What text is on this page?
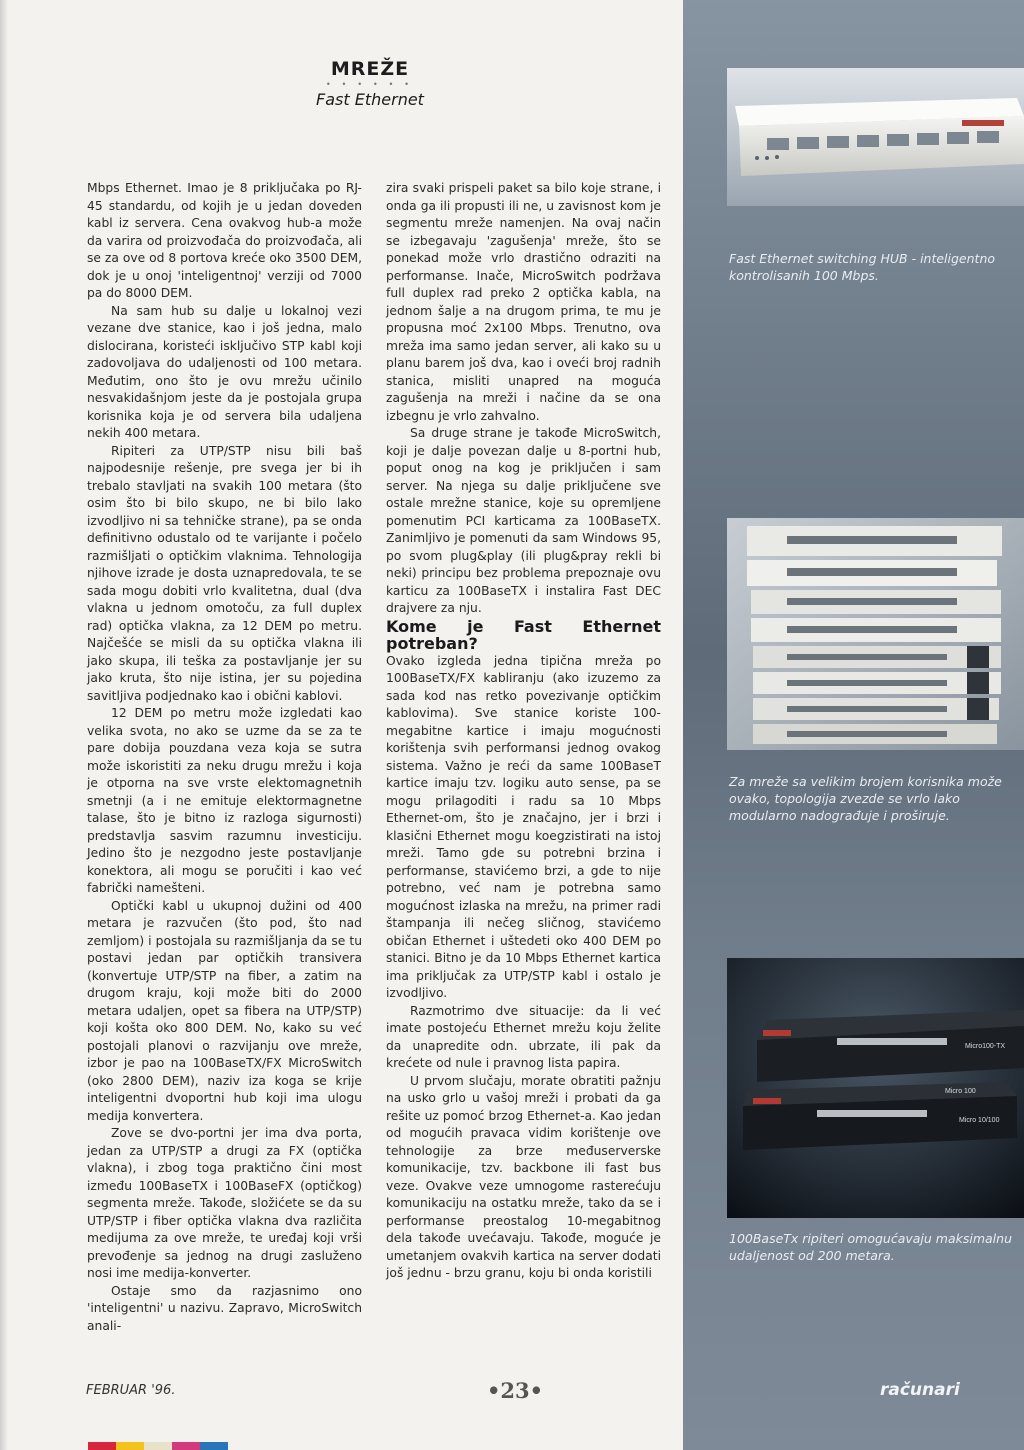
MREŽE
• • • • • •
Fast Ethernet

Mbps Ethernet. Imao je 8 priključaka po RJ-45 standardu, od kojih je u jedan doveden kabl iz servera. Cena ovakvog hub-a može da varira od proizvođača do proizvođača, ali se za ove od 8 portova kreće oko 3500 DEM, dok je u onoj 'inteligentnoj' verziji od 7000 pa do 8000 DEM.

Na sam hub su dalje u lokalnoj vezi vezane dve stanice, kao i još jedna, malo dislocirana, koristeći isključivo STP kabl koji zadovoljava do udaljenosti od 100 metara. Međutim, ono što je ovu mrežu učinilo nesvakidašnjom jeste da je postojala grupa korisnika koja je od servera bila udaljena nekih 400 metara.

Ripiteri za UTP/STP nisu bili baš najpodesnije rešenje, pre svega jer bi ih trebalo stavljati na svakih 100 metara (što osim što bi bilo skupo, ne bi bilo lako izvodljivo ni sa tehničke strane), pa se onda definitivno odustalo od te varijante i počelo razmišljati o optičkim vlaknima. Tehnologija njihove izrade je dosta uznapredovala, te se sada mogu dobiti vrlo kvalitetna, dual (dva vlakna u jednom omotoču, za full duplex rad) optička vlakna, za 12 DEM po metru. Najčešće se misli da su optička vlakna ili jako skupa, ili teška za postavljanje jer su jako kruta, što nije istina, jer su pojedina savitljiva podjednako kao i obični kablovi.

12 DEM po metru može izgledati kao velika svota, no ako se uzme da se za te pare dobija pouzdana veza koja se sutra može iskoristiti za neku drugu mrežu i koja je otporna na sve vrste elektomagnetnih smetnji (a i ne emituje elektormagnetne talase, što je bitno iz razloga sigurnosti) predstavlja sasvim razumnu investiciju. Jedino što je nezgodno jeste postavljanje konektora, ali mogu se poručiti i kao već fabrički namešteni.

Optički kabl u ukupnoj dužini od 400 metara je razvučen (što pod, što nad zemljom) i postojala su razmišljanja da se tu postavi jedan par optičkih transivera (konvertuje UTP/STP na fiber, a zatim na drugom kraju, koji može biti do 2000 metara udaljen, opet sa fibera na UTP/STP) koji košta oko 800 DEM. No, kako su već postojali planovi o razvijanju ove mreže, izbor je pao na 100BaseTX/FX MicroSwitch (oko 2800 DEM), naziv iza koga se krije inteligentni dvoportni hub koji ima ulogu medija konvertera.

Zove se dvo-portni jer ima dva porta, jedan za UTP/STP a drugi za FX (optička vlakna), i zbog toga praktično čini most između 100BaseTX i 100BaseFX (optičkog) segmenta mreže. Takođe, složićete se da su UTP/STP i fiber optička vlakna dva različita medijuma za ove mreže, te uređaj koji vrši prevođenje sa jednog na drugi zasluženo nosi ime medija-konverter.

Ostaje smo da razjasnimo ono 'inteligentni' u nazivu. Zapravo, MicroSwitch anali-

zira svaki prispeli paket sa bilo koje strane, i onda ga ili propusti ili ne, u zavisnost kom je segmentu mreže namenjen. Na ovaj način se izbegavaju 'zagušenja' mreže, što se ponekad može vrlo drastično odraziti na performanse. Inače, MicroSwitch podržava full duplex rad preko 2 optička kabla, na jednom šalje a na drugom prima, te mu je propusna moć 2x100 Mbps. Trenutno, ova mreža ima samo jedan server, ali kako su u planu barem još dva, kao i oveći broj radnih stanica, misliti unapred na moguća zagušenja na mreži i načine da se ona izbegnu je vrlo zahvalno.

Sa druge strane je takođe MicroSwitch, koji je dalje povezan dalje u 8-portni hub, poput onog na kog je priključen i sam server. Na njega su dalje priključene sve ostale mrežne stanice, koje su opremljene pomenutim PCI karticama za 100BaseTX. Zanimljivo je pomenuti da sam Windows 95, po svom plug&play (ili plug&pray rekli bi neki) principu bez problema prepoznaje ovu karticu za 100BaseTX i instalira Fast DEC drajvere za nju.

Kome je Fast Ethernet potreban?

Ovako izgleda jedna tipična mreža po 100BaseTX/FX kabliranju (ako izuzemo za sada kod nas retko povezivanje optičkim kablovima). Sve stanice koriste 100-megabitne kartice i imaju mogućnosti korištenja svih performansi jednog ovakog sistema. Važno je reći da same 100BaseT kartice imaju tzv. logiku auto sense, pa se mogu prilagoditi i radu sa 10 Mbps Ethernet-om, što je značajno, jer i brzi i klasični Ethernet mogu koegzistirati na istoj mreži. Tamo gde su potrebni brzina i performanse, stavićemo brzi, a gde to nije potrebno, već nam je potrebna samo mogućnost izlaska na mrežu, na primer radi štampanja ili nečeg sličnog, stavićemo običan Ethernet i uštedeti oko 400 DEM po stanici. Bitno je da 10 Mbps Ethernet kartica ima priključak za UTP/STP kabl i ostalo je izvodljivo.

Razmotrimo dve situacije: da li već imate postojeću Ethernet mrežu koju želite da unapredite odn. ubrzate, ili pak da krećete od nule i pravnog lista papira.

U prvom slučaju, morate obratiti pažnju na usko grlo u vašoj mreži i probati da ga rešite uz pomoć brzog Ethernet-a. Kao jedan od mogućih pravaca vidim korištenje ove tehnologije za brze međuserverske komunikacije, tzv. backbone ili fast bus veze. Ovakve veze umnogome rasterećuju komunikaciju na ostatku mreže, tako da se i performanse preostalog 10-megabitnog dela takođe uvećavaju. Takođe, moguće je umetanjem ovakvih kartica na server dodati još jednu - brzu granu, koju bi onda koristili

Fast Ethernet switching HUB - inteligentno kontrolisanih 100 Mbps.
Za mreže sa velikim brojem korisnika može ovako, topologija zvezde se vrlo lako modularno nadograđuje i proširuje.
Micro100-TX
Micro 100
Micro 10/100
100BaseTx ripiteri omogućavaju maksimalnu udaljenost od 200 metara.
FEBRUAR '96.	•23•	računari
